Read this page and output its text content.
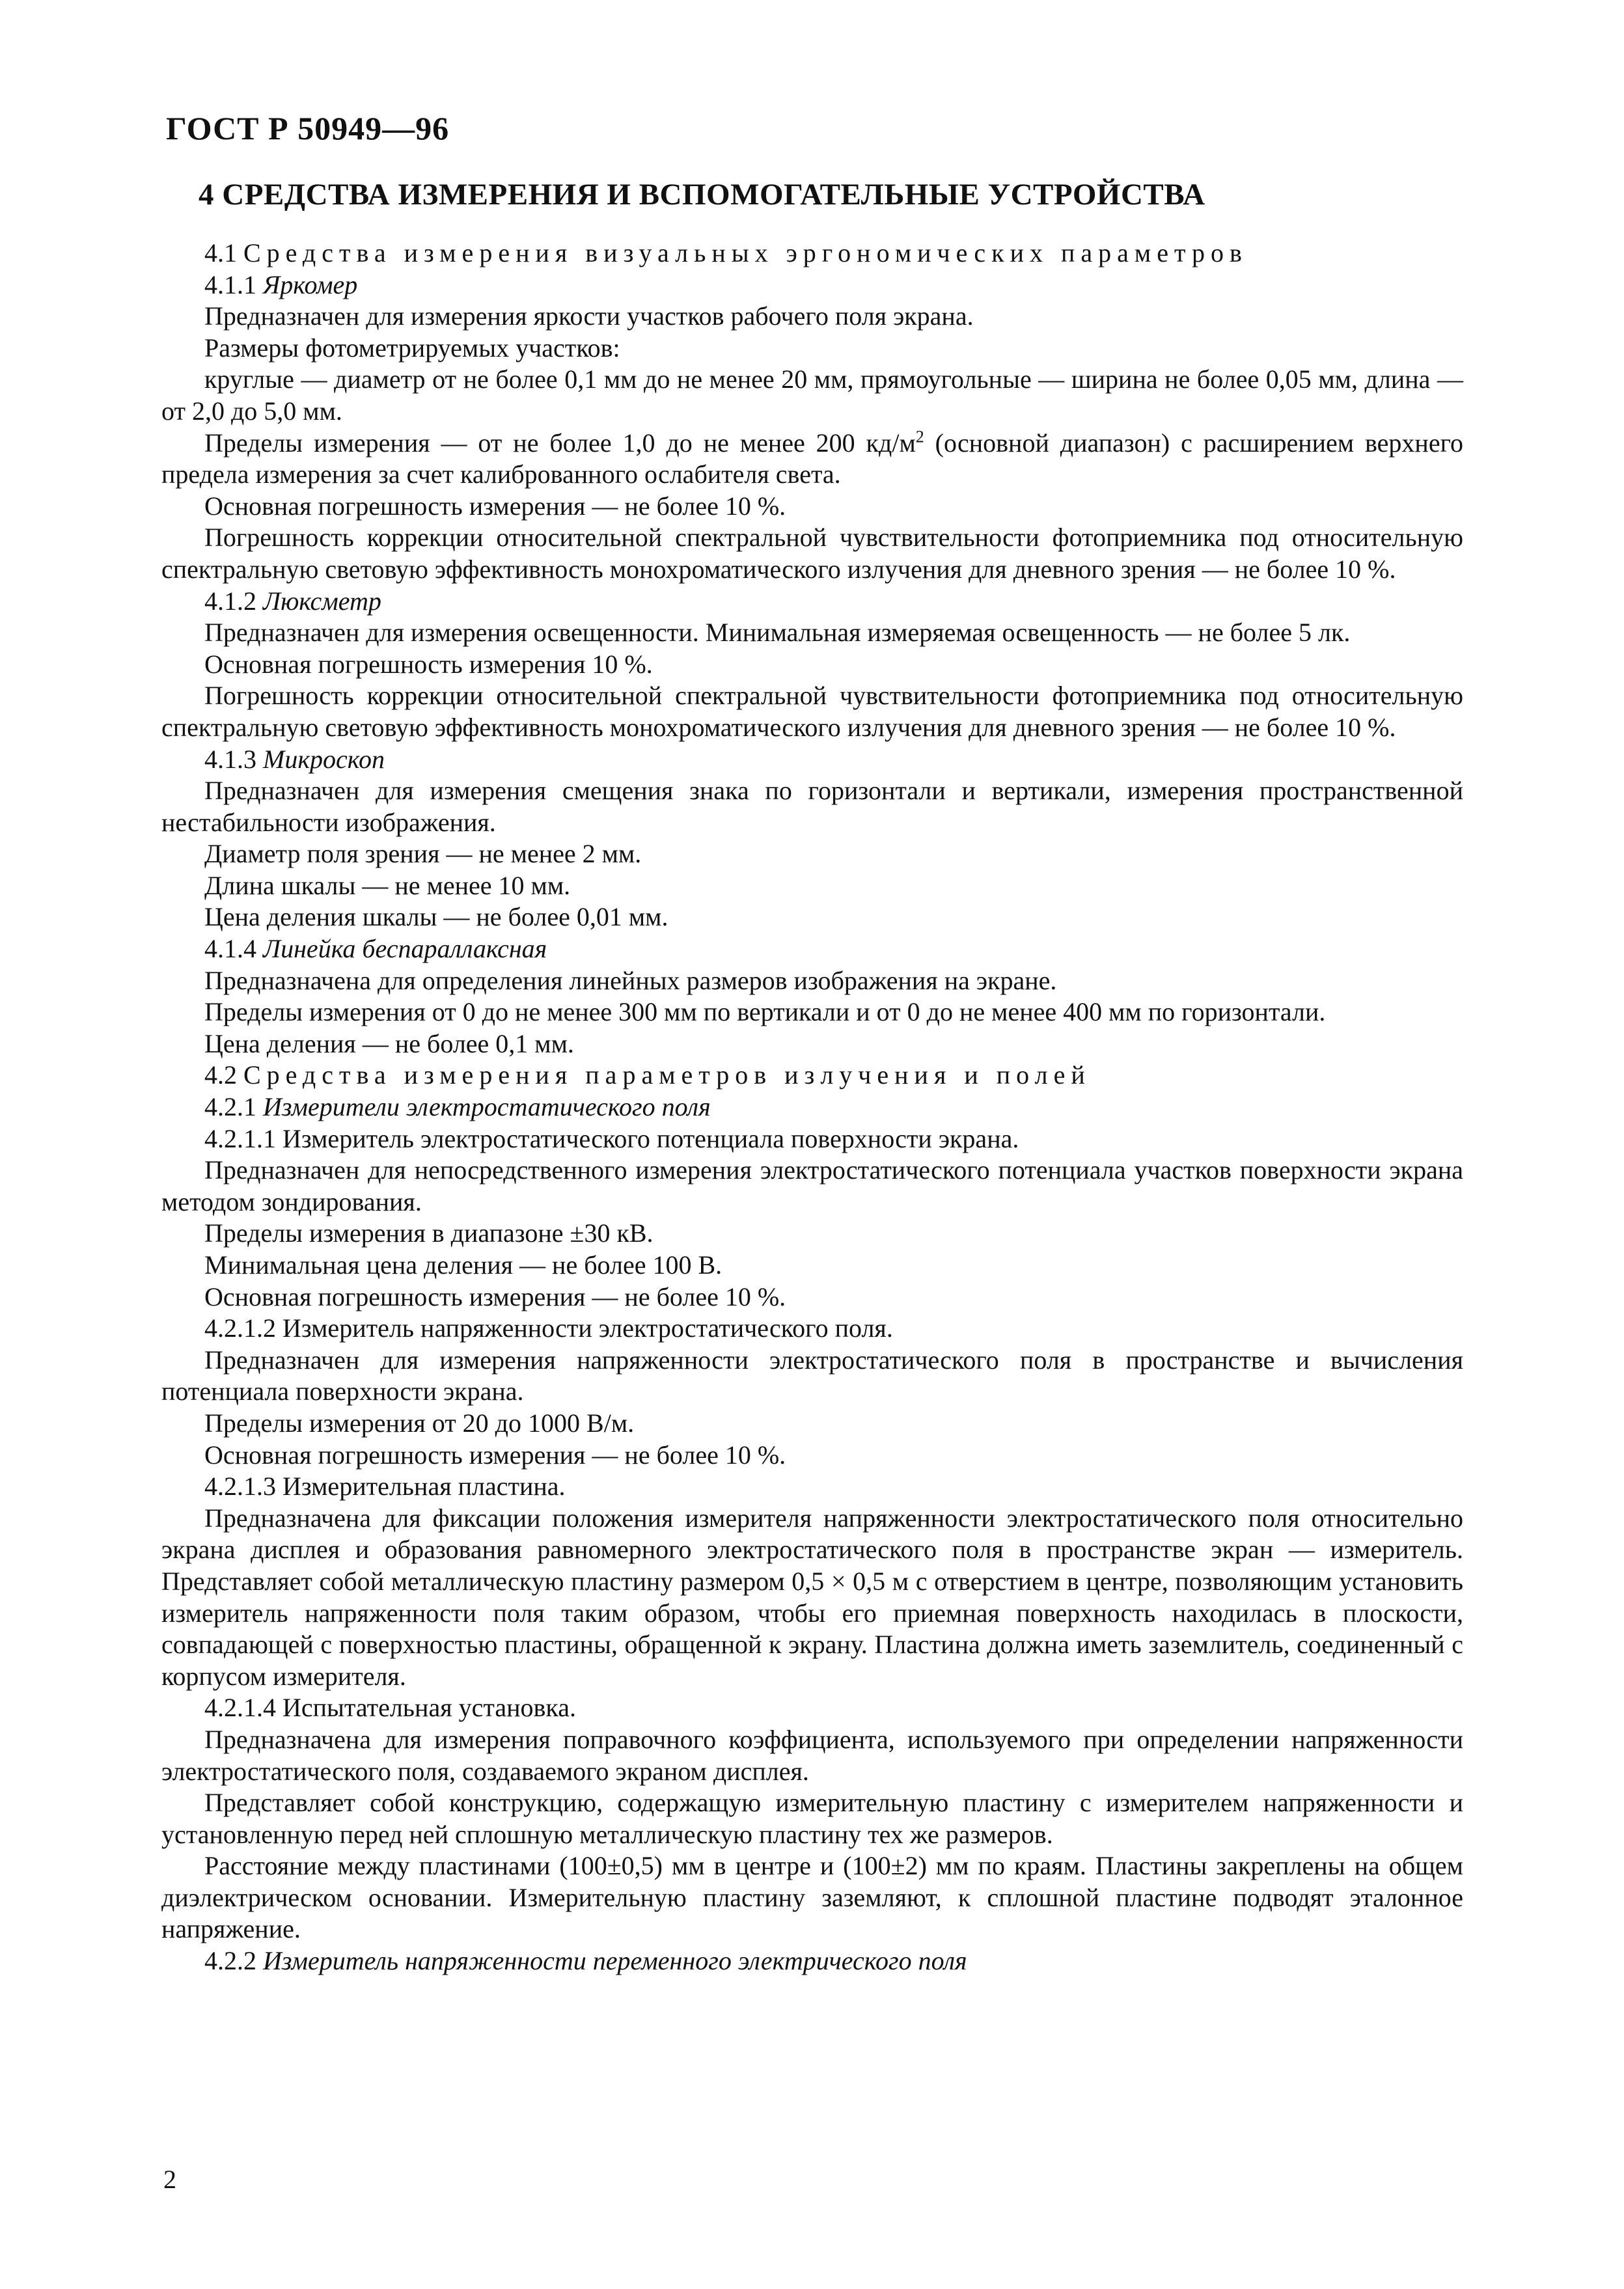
ГОСТ Р 50949—96
4 СРЕДСТВА ИЗМЕРЕНИЯ И ВСПОМОГАТЕЛЬНЫЕ УСТРОЙСТВА

4.1 Средства измерения визуальных эргономических параметров

4.1.1 Яркомер

Предназначен для измерения яркости участков рабочего поля экрана.

Размеры фотометрируемых участков:

круглые — диаметр от не более 0,1 мм до не менее 20 мм, прямоугольные — ширина не более 0,05 мм, длина — от 2,0 до 5,0 мм.

Пределы измерения — от не более 1,0 до не менее 200 $кд/м^2$ (основной диапазон) с расширением верхнего предела измерения за счет калиброванного ослабителя света.

Основная погрешность измерения — не более 10 %.

Погрешность коррекции относительной спектральной чувствительности фотоприемника под относительную спектральную световую эффективность монохроматического излучения для дневного зрения — не более 10 %.

4.1.2 Люксметр

Предназначен для измерения освещенности. Минимальная измеряемая освещенность — не более 5 лк.

Основная погрешность измерения 10 %.

Погрешность коррекции относительной спектральной чувствительности фотоприемника под относительную спектральную световую эффективность монохроматического излучения для дневного зрения — не более 10 %.

4.1.3 Микроскоп

Предназначен для измерения смещения знака по горизонтали и вертикали, измерения пространственной нестабильности изображения.

Диаметр поля зрения — не менее 2 мм.

Длина шкалы — не менее 10 мм.

Цена деления шкалы — не более 0,01 мм.

4.1.4 Линейка беспараллаксная

Предназначена для определения линейных размеров изображения на экране.

Пределы измерения от 0 до не менее 300 мм по вертикали и от 0 до не менее 400 мм по горизонтали.

Цена деления — не более 0,1 мм.

4.2 Средства измерения параметров излучения и полей

4.2.1 Измерители электростатического поля

4.2.1.1 Измеритель электростатического потенциала поверхности экрана.

Предназначен для непосредственного измерения электростатического потенциала участков поверхности экрана методом зондирования.

Пределы измерения в диапазоне ±30 кВ.

Минимальная цена деления — не более 100 В.

Основная погрешность измерения — не более 10 %.

4.2.1.2 Измеритель напряженности электростатического поля.

Предназначен для измерения напряженности электростатического поля в пространстве и вычисления потенциала поверхности экрана.

Пределы измерения от 20 до 1000 В/м.

Основная погрешность измерения — не более 10 %.

4.2.1.3 Измерительная пластина.

Предназначена для фиксации положения измерителя напряженности электростатического поля относительно экрана дисплея и образования равномерного электростатического поля в пространстве экран — измеритель. Представляет собой металлическую пластину размером 0,5 × 0,5 м с отверстием в центре, позволяющим установить измеритель напряженности поля таким образом, чтобы его приемная поверхность находилась в плоскости, совпадающей с поверхностью пластины, обращенной к экрану. Пластина должна иметь заземлитель, соединенный с корпусом измерителя.

4.2.1.4 Испытательная установка.

Предназначена для измерения поправочного коэффициента, используемого при определении напряженности электростатического поля, создаваемого экраном дисплея.

Представляет собой конструкцию, содержащую измерительную пластину с измерителем напряженности и установленную перед ней сплошную металлическую пластину тех же размеров.

Расстояние между пластинами (100±0,5) мм в центре и (100±2) мм по краям. Пластины закреплены на общем диэлектрическом основании. Измерительную пластину заземляют, к сплошной пластине подводят эталонное напряжение.

4.2.2 Измеритель напряженности переменного электрического поля

2
